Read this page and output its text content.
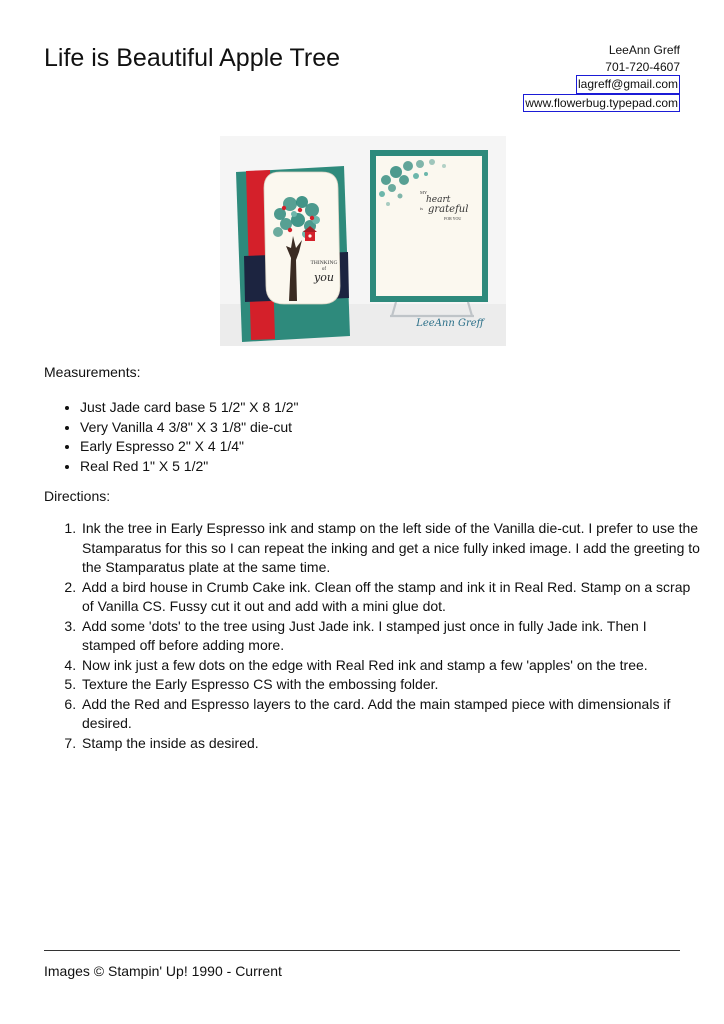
Life is Beautiful Apple Tree	LeeAnn Greff
701-720-4607
lagreff@gmail.com
www.flowerbug.typepad.com
THINKING
of
you
MY
heart
is grateful
FOR YOU
LeeAnn Greff
Measurements:
• Just Jade card base 5 1/2" X 8 1/2"
• Very Vanilla 4 3/8" X 3 1/8" die-cut
• Early Espresso 2" X 4 1/4"
• Real Red 1" X 5 1/2"
Directions:
1. Ink the tree in Early Espresso ink and stamp on the left side of the Vanilla die-cut. I prefer to use the Stamparatus for this so I can repeat the inking and get a nice fully inked image. I add the greeting to the Stamparatus plate at the same time.
2. Add a bird house in Crumb Cake ink. Clean off the stamp and ink it in Real Red. Stamp on a scrap of Vanilla CS. Fussy cut it out and add with a mini glue dot.
3. Add some 'dots' to the tree using Just Jade ink. I stamped just once in fully Jade ink. Then I stamped off before adding more.
4. Now ink just a few dots on the edge with Real Red ink and stamp a few 'apples' on the tree.
5. Texture the Early Espresso CS with the embossing folder.
6. Add the Red and Espresso layers to the card. Add the main stamped piece with dimensionals if desired.
7. Stamp the inside as desired.
Images © Stampin' Up! 1990 - Current
